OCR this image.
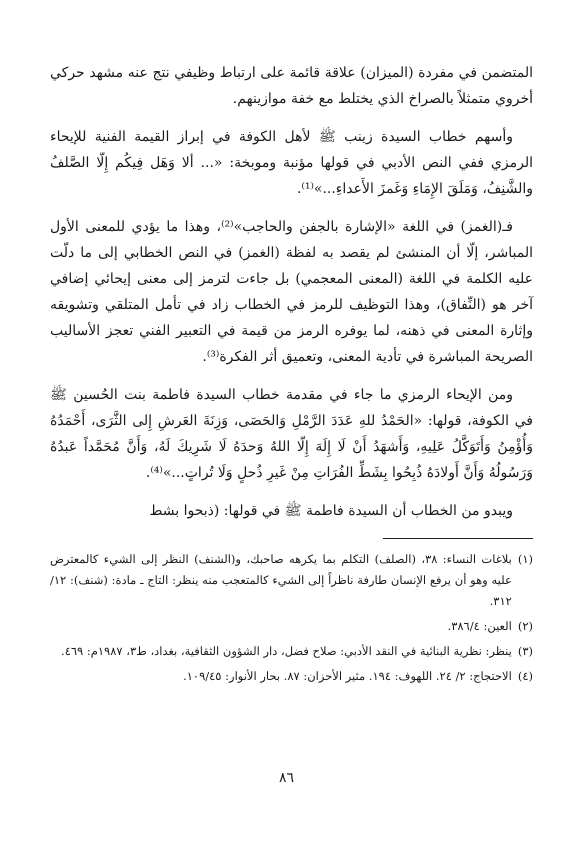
المتضمن في مفردة (الميزان) علاقة قائمة على ارتباط وظيفي نتج عنه مشهد حركي أخروي متمثلاً بالصراخ الذي يختلط مع خفة موازينهم.

وأسهم خطاب السيدة زينب ﷺ لأهل الكوفة في إبراز القيمة الفنية للإيحاء الرمزي ففي النص الأدبي في قولها مؤنبة وموبخة: «... ألا وَهَل فِيكُم إِلّا الصَّلفُ والشَّنِفُ، وَمَلَقَ الإِمَاءِ وَغَمزَ الأَعداءِ...»⁽¹⁾.

فـ(الغمز) في اللغة «الإشارة بالجفن والحاجب»⁽²⁾، وهذا ما يؤدي للمعنى الأول المباشر، إلّا أن المنشئ لم يقصد به لفظة (الغمز) في النص الخطابي إلى ما دلّت عليه الكلمة في اللغة (المعنى المعجمي) بل جاءت لترمز إلى معنى إيحائي إضافي آخر هو (النِّفاق)، وهذا التوظيف للرمز في الخطاب زاد في تأمل المتلقي وتشويقه وإثارة المعنى في ذهنه، لما يوفره الرمز من قيمة في التعبير الفني تعجز الأساليب الصريحة المباشرة في تأدية المعنى، وتعميق أثر الفكرة⁽³⁾.

ومن الإيحاء الرمزي ما جاء في مقدمة خطاب السيدة فاطمة بنت الحُسين ﷺ في الكوفة، قولها: «الحَمْدُ للهِ عَدَدَ الرَّمْلِ وَالحَصَى، وَزِنَةَ العَرشِ إِلى الثَّرَى، أَحْمَدُهُ وَأُؤْمِنُ وَأَتَوَكَّلُ عَلِيهِ، وَأَشهَدُ أَنْ لَا إِلَهَ إِلّا اللهُ وَحدَهُ لَا شَرِيكَ لَهُ، وَأَنَّ مُحَمَّداً عَبدُهُ وَرَسُولُهُ وَأَنَّ أَولادَهُ ذُبِحُوا بِشَطِّ الفُرَاتِ مِنْ غَيرِ ذُحلٍ وَلَا تُراتٍ...»⁽⁴⁾.

ويبدو من الخطاب أن السيدة فاطمة ﷺ في قولها: (ذبحوا بشط

(١)
بلاغات النساء: ٣٨، (الصلف) التكلم بما يكرهه صاحبك، و(الشنف) النظر إلى الشيء كالمعترض عليه وهو أن يرفع الإنسان طارفة ناظراً إلى الشيء كالمتعجب منه ينظر: التاج ـ مادة: (شنف): ١٢/ ٣١٢.
(٢)
العين: ٣٨٦/٤.
(٣)
ينظر: نظرية البنائية في النقد الأدبي: صلاح فضل، دار الشؤون الثقافية، بغداد، ط٣، ١٩٨٧م: ٤٦٩.
(٤)
الاحتجاج: ٢/ ٢٤. اللهوف: ١٩٤. مثير الأحزان: ٨٧. بحار الأنوار: ١٠٩/٤٥.
٨٦
